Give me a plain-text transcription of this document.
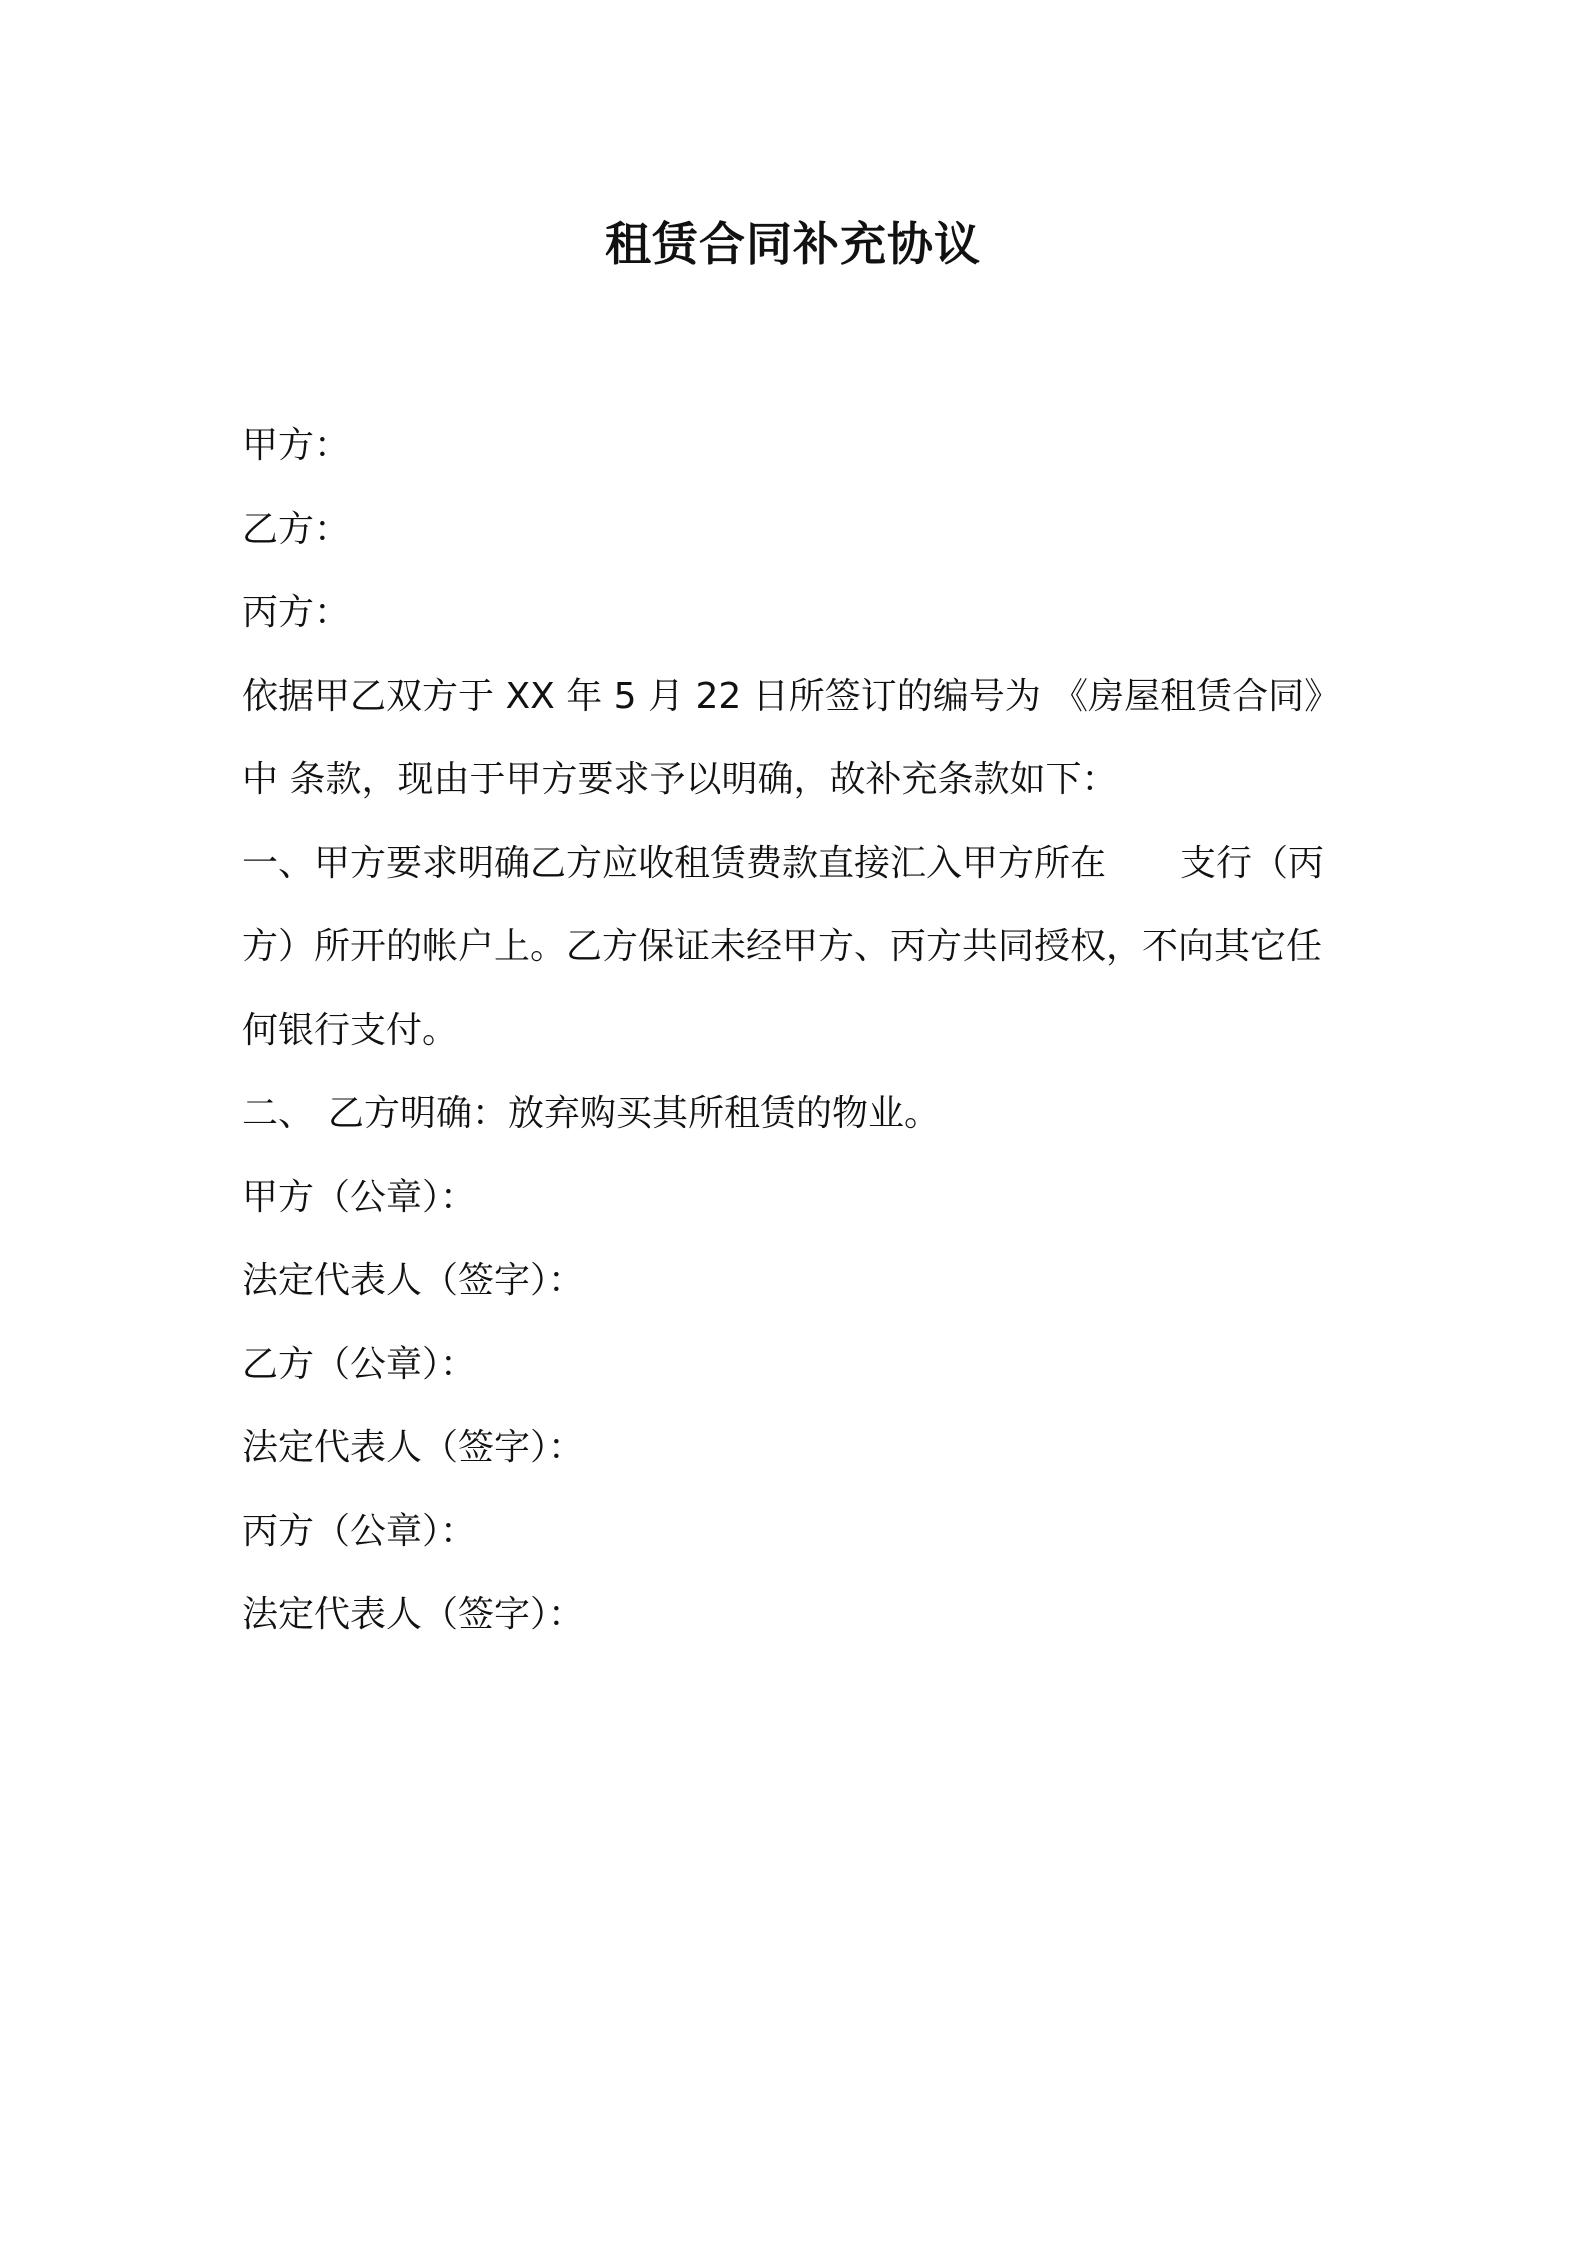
租赁合同补充协议
甲方：
乙方：
丙方：
依据甲乙双方于 XX 年 5 月 22 日所签订的编号为 《房屋租赁合同》
中 条款，现由于甲方要求予以明确，故补充条款如下：
一、甲方要求明确乙方应收租赁费款直接汇入甲方所在 支行（丙
方）所开的帐户上。乙方保证未经甲方、丙方共同授权，不向其它任
何银行支付。
二、 乙方明确：放弃购买其所租赁的物业。
甲方（公章）：
法定代表人（签字）：
乙方（公章）：
法定代表人（签字）：
丙方（公章）：
法定代表人（签字）：
